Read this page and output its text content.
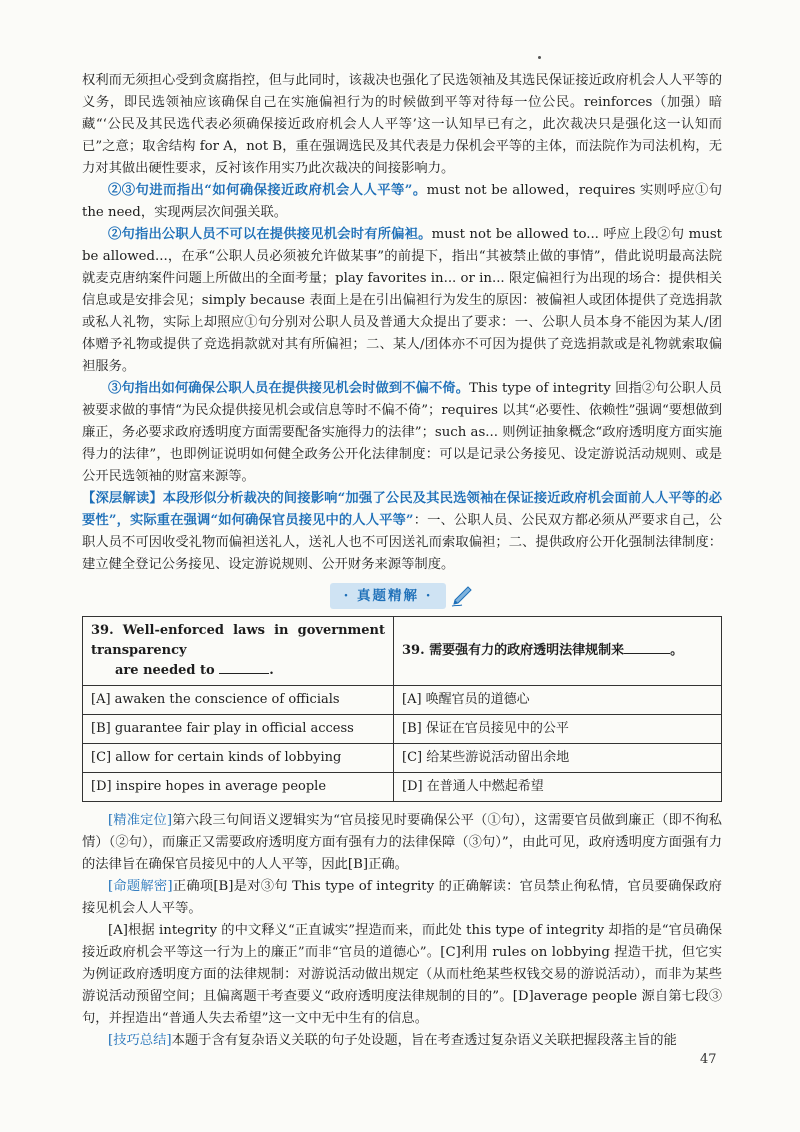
权利而无须担心受到贪腐指控，但与此同时，该裁决也强化了民选领袖及其选民保证接近政府机会人人平等的义务，即民选领袖应该确保自己在实施偏袒行为的时候做到平等对待每一位公民。reinforces（加强）暗藏“‘公民及其民选代表必须确保接近政府机会人人平等’这一认知早已有之，此次裁决只是强化这一认知而已”之意；取舍结构 for A，not B，重在强调选民及其代表是力保机会平等的主体，而法院作为司法机构，无力对其做出硬性要求，反衬该作用实乃此次裁决的间接影响力。

②③句进而指出“如何确保接近政府机会人人平等”。must not be allowed，requires 实则呼应①句 the need，实现两层次间强关联。

②句指出公职人员不可以在提供接见机会时有所偏袒。must not be allowed to... 呼应上段②句 must be allowed...，在承“公职人员必须被允许做某事”的前提下，指出“其被禁止做的事情”，借此说明最高法院就麦克唐纳案件问题上所做出的全面考量；play favorites in... or in... 限定偏袒行为出现的场合：提供相关信息或是安排会见；simply because 表面上是在引出偏袒行为发生的原因：被偏袒人或团体提供了竞选捐款或私人礼物，实际上却照应①句分别对公职人员及普通大众提出了要求：一、公职人员本身不能因为某人/团体赠予礼物或提供了竞选捐款就对其有所偏袒；二、某人/团体亦不可因为提供了竞选捐款或是礼物就索取偏袒服务。

③句指出如何确保公职人员在提供接见机会时做到不偏不倚。This type of integrity 回指②句公职人员被要求做的事情“为民众提供接见机会或信息等时不偏不倚”；requires 以其“必要性、依赖性”强调“要想做到廉正，务必要求政府透明度方面需要配备实施得力的法律”；such as... 则例证抽象概念“政府透明度方面实施得力的法律”，也即例证说明如何健全政务公开化法律制度：可以是记录公务接见、设定游说活动规则、或是公开民选领袖的财富来源等。

【深层解读】本段形似分析裁决的间接影响“加强了公民及其民选领袖在保证接近政府机会面前人人平等的必要性”，实际重在强调“如何确保官员接见中的人人平等”：一、公职人员、公民双方都必须从严要求自己，公职人员不可因收受礼物而偏袒送礼人，送礼人也不可因送礼而索取偏袒；二、提供政府公开化强制法律制度：建立健全登记公务接见、设定游说规则、公开财务来源等制度。

· 真题精解 ·
39. Well-enforced laws in government transparency
are needed to .	39. 需要强有力的政府透明法律规制来 。
[A] awaken the conscience of officials	[A] 唤醒官员的道德心
[B] guarantee fair play in official access	[B] 保证在官员接见中的公平
[C] allow for certain kinds of lobbying	[C] 给某些游说活动留出余地
[D] inspire hopes in average people	[D] 在普通人中燃起希望

[精准定位]第六段三句间语义逻辑实为“官员接见时要确保公平（①句），这需要官员做到廉正（即不徇私情）（②句），而廉正又需要政府透明度方面有强有力的法律保障（③句）”，由此可见，政府透明度方面强有力的法律旨在确保官员接见中的人人平等，因此[B]正确。

[命题解密]正确项[B]是对③句 This type of integrity 的正确解读：官员禁止徇私情，官员要确保政府接见机会人人平等。

[A]根据 integrity 的中文释义“正直诚实”捏造而来，而此处 this type of integrity 却指的是“官员确保接近政府机会平等这一行为上的廉正”而非“官员的道德心”。[C]利用 rules on lobbying 捏造干扰，但它实为例证政府透明度方面的法律规制：对游说活动做出规定（从而杜绝某些权钱交易的游说活动），而非为某些游说活动预留空间；且偏离题干考查要义“政府透明度法律规制的目的”。[D]average people 源自第七段③句，并捏造出“普通人失去希望”这一文中无中生有的信息。

[技巧总结]本题于含有复杂语义关联的句子处设题，旨在考查透过复杂语义关联把握段落主旨的能

47
